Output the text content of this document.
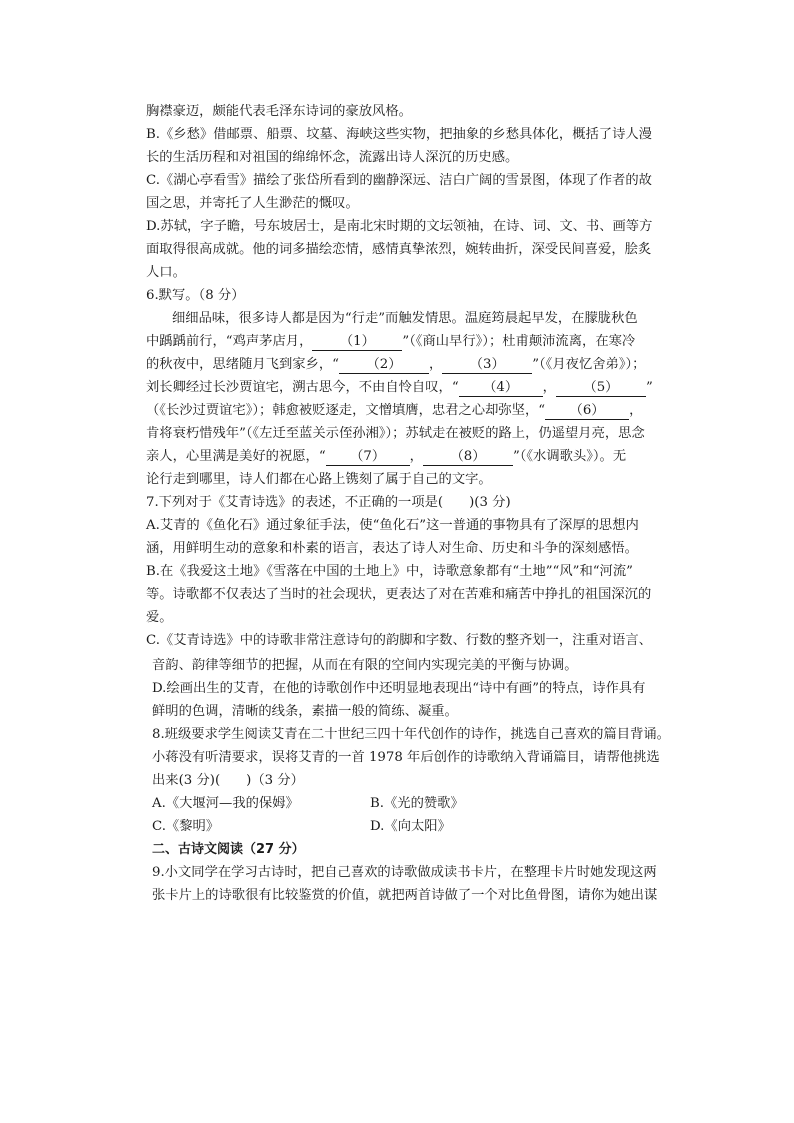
胸襟豪迈，颇能代表毛泽东诗词的豪放风格。
B.《乡愁》借邮票、船票、坟墓、海峡这些实物，把抽象的乡愁具体化，概括了诗人漫
长的生活历程和对祖国的绵绵怀念，流露出诗人深沉的历史感。
C.《湖心亭看雪》描绘了张岱所看到的幽静深远、洁白广阔的雪景图，体现了作者的故
国之思，并寄托了人生渺茫的慨叹。
D.苏轼，字子瞻，号东坡居士，是南北宋时期的文坛领袖，在诗、词、文、书、画等方
面取得很高成就。他的词多描绘恋情，感情真挚浓烈，婉转曲折，深受民间喜爱，脍炙
人口。
6.默写。（8 分）
细细品味，很多诗人都是因为“行走”而触发情思。温庭筠晨起早发，在朦胧秋色
中踽踽前行，“鸡声茅店月， （1） ”（《商山早行》）；杜甫颠沛流离，在寒冷
的秋夜中，思绪随月飞到家乡，“ （2） ， （3） ”（《月夜忆舍弟》）；
刘长卿经过长沙贾谊宅，溯古思今，不由自怜自叹，“ （4） ， （5） ”
（《长沙过贾谊宅》）；韩愈被贬逐走，文憎填膺，忠君之心却弥坚，“ （6） ，
肯将衰朽惜残年”（《左迁至蓝关示侄孙湘》）；苏轼走在被贬的路上，仍遥望月亮，思念
亲人，心里满是美好的祝愿，“ （7） ， （8） ”（《水调歌头》）。无
论行走到哪里，诗人们都在心路上镌刻了属于自己的文字。
7.下列对于《艾青诗选》的表述，不正确的一项是( )(3 分)
A.艾青的《鱼化石》通过象征手法，使“鱼化石”这一普通的事物具有了深厚的思想内
涵，用鲜明生动的意象和朴素的语言，表达了诗人对生命、历史和斗争的深刻感悟。
B.在《我爱这土地》《雪落在中国的土地上》中，诗歌意象都有“土地”“风”和“河流”
等。诗歌都不仅表达了当时的社会现状，更表达了对在苦难和痛苦中挣扎的祖国深沉的
爱。
C.《艾青诗选》中的诗歌非常注意诗句的韵脚和字数、行数的整齐划一，注重对语言、
音韵、韵律等细节的把握，从而在有限的空间内实现完美的平衡与协调。
D.绘画出生的艾青，在他的诗歌创作中还明显地表现出“诗中有画”的特点，诗作具有
鲜明的色调，清晰的线条，素描一般的简练、凝重。
8.班级要求学生阅读艾青在二十世纪三四十年代创作的诗作，挑选自己喜欢的篇目背诵。
小蒋没有听清要求，误将艾青的一首 1978 年后创作的诗歌纳入背诵篇目，请帮他挑选
出来(3 分)( )（3 分）
A.《大堰河—我的保姆》	B.《光的赞歌》
C.《黎明》	D.《向太阳》
二、古诗文阅读（27 分）
9.小文同学在学习古诗时，把自己喜欢的诗歌做成读书卡片，在整理卡片时她发现这两
张卡片上的诗歌很有比较鉴赏的价值，就把两首诗做了一个对比鱼骨图，请你为她出谋
